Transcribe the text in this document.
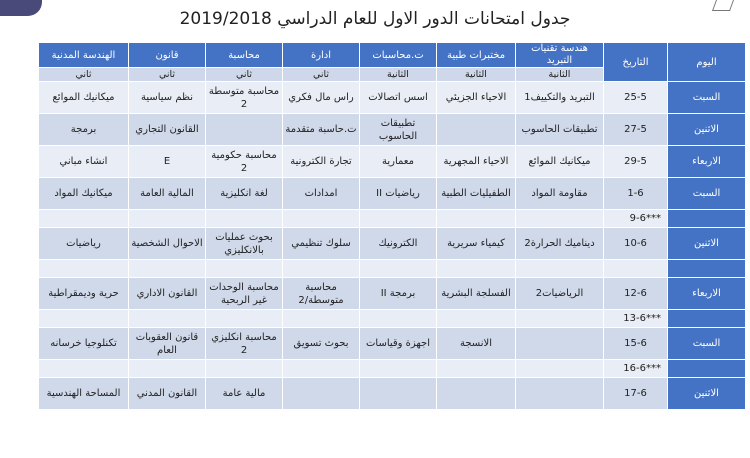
جدول امتحانات الدور الاول للعام الدراسي 2019/2018
اليوم	التاريخ	هندسة تقنيات التبريد	مختبرات طبية	ت.محاسبات	ادارة	محاسبة	قانون	الهندسة المدنية
		الثانية	الثانية	الثانية	ثاني	ثاني	ثاني	ثاني
السبت	25-5	التبريد والتكييف1	الاحياء الجزيئي	اسس اتصالات	راس مال فكري	محاسبة متوسطة 2	نظم سياسية	ميكانيك الموائع
الاثنين	27-5	تطبيقات الحاسوب		تطبيقات الحاسوب	ت.حاسبة متقدمة		القانون التجاري	برمجة
الاربعاء	29-5	ميكانيك الموائع	الاحياء المجهرية	معمارية	تجارة الكترونية	محاسبة حكومية 2	E	انشاء مباني
السبت	1-6	مقاومة المواد	الطفيليات الطبية	رياضيات II	امدادات	لغة انكليزية	المالية العامة	ميكانيك المواد
	9-6***							
الاثنين	10-6	ديناميك الحرارة2	كيمياء سريرية	الكترونيك	سلوك تنظيمي	بحوث عمليات بالانكليزي	الاحوال الشخصية	رياضيات

الاربعاء	12-6	الرياضيات2	الفسلجة البشرية	برمجة II	محاسبة متوسطة/2	محاسبة الوحدات غير الربحية	القانون الاداري	حرية وديمقراطية
	13-6***							
السبت	15-6		الانسجة	اجهزة وقياسات	بحوث تسويق	محاسبة انكليزي 2	قانون العقوبات العام	تكنلوجيا خرسانه
	16-6***							
الاثنين	17-6					مالية عامة	القانون المدني	المساحة الهندسية
